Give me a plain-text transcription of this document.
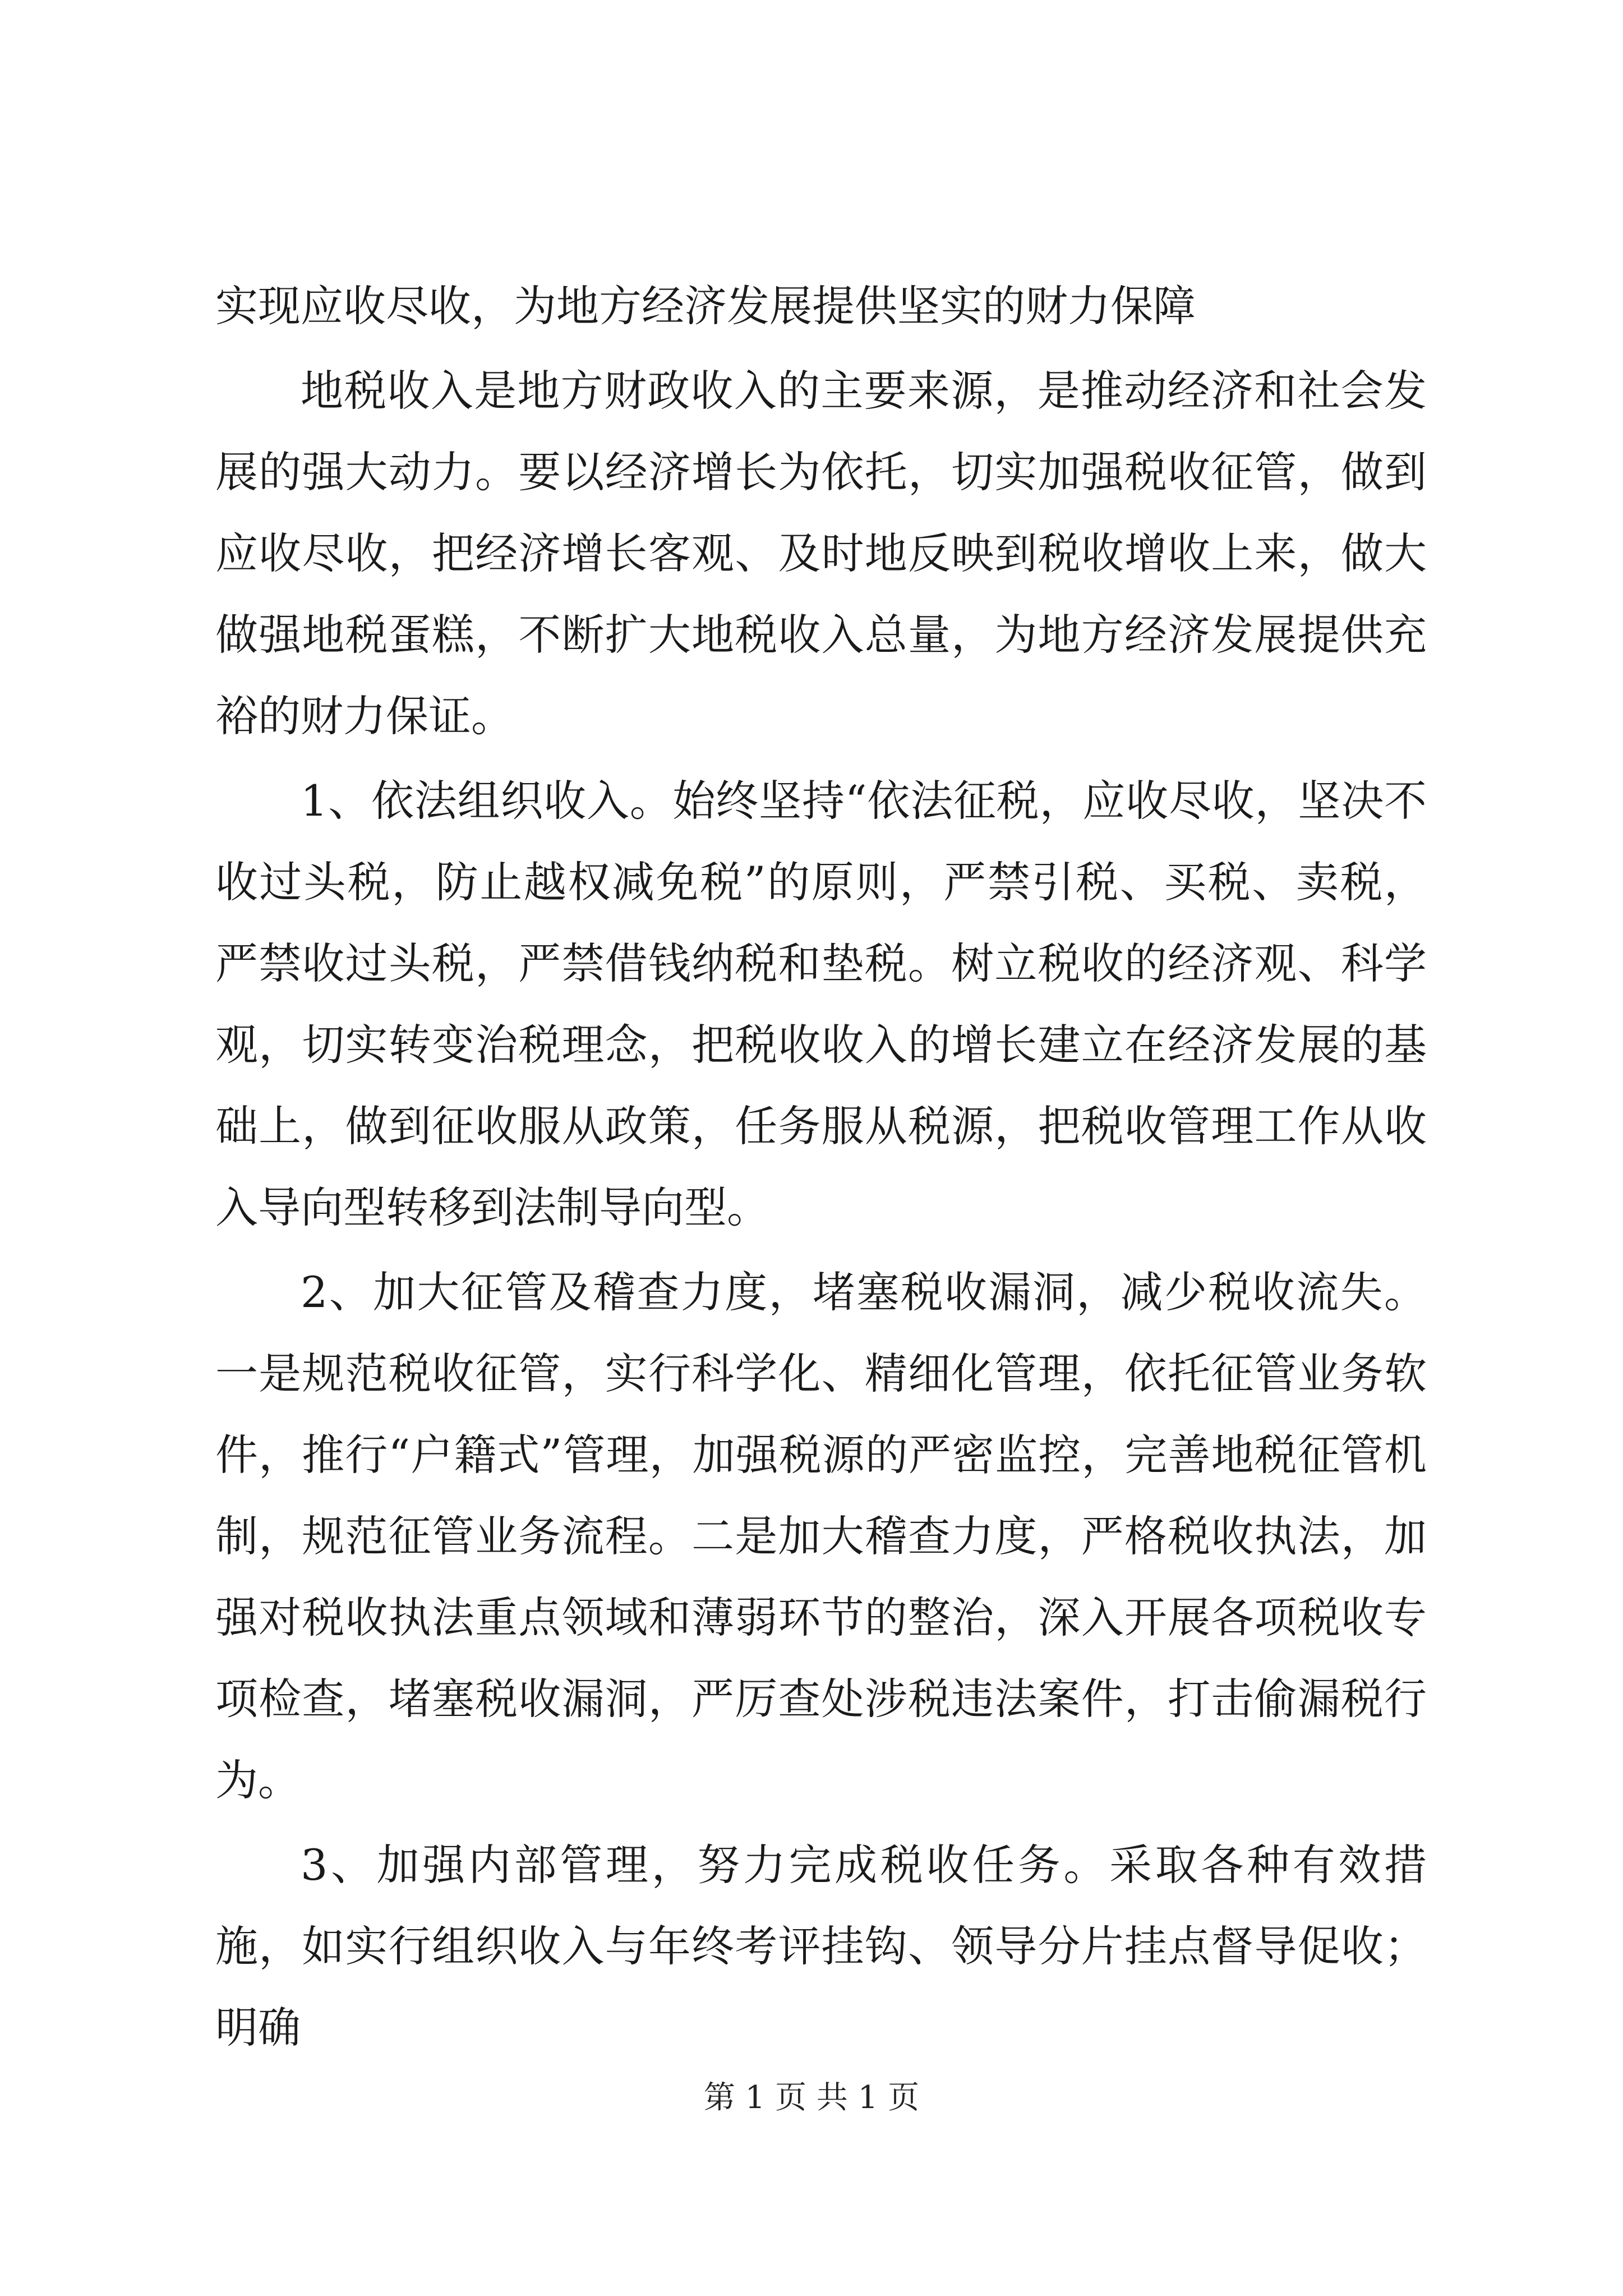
实现应收尽收，为地方经济发展提供坚实的财力保障

地税收入是地方财政收入的主要来源，是推动经济和社会发展的强大动力。要以经济增长为依托，切实加强税收征管，做到应收尽收，把经济增长客观、及时地反映到税收增收上来，做大做强地税蛋糕，不断扩大地税收入总量，为地方经济发展提供充裕的财力保证。

1、依法组织收入。始终坚持“依法征税，应收尽收，坚决不收过头税，防止越权减免税”的原则，严禁引税、买税、卖税，严禁收过头税，严禁借钱纳税和垫税。树立税收的经济观、科学观，切实转变治税理念，把税收收入的增长建立在经济发展的基础上，做到征收服从政策，任务服从税源，把税收管理工作从收入导向型转移到法制导向型。

2、加大征管及稽查力度，堵塞税收漏洞，减少税收流失。一是规范税收征管，实行科学化、精细化管理，依托征管业务软件，推行“户籍式”管理，加强税源的严密监控，完善地税征管机制，规范征管业务流程。二是加大稽查力度，严格税收执法，加强对税收执法重点领域和薄弱环节的整治，深入开展各项税收专项检查，堵塞税收漏洞，严厉查处涉税违法案件，打击偷漏税行为。

3、加强内部管理，努力完成税收任务。采取各种有效措施，如实行组织收入与年终考评挂钩、领导分片挂点督导促收；明确

第 1 页 共 1 页
